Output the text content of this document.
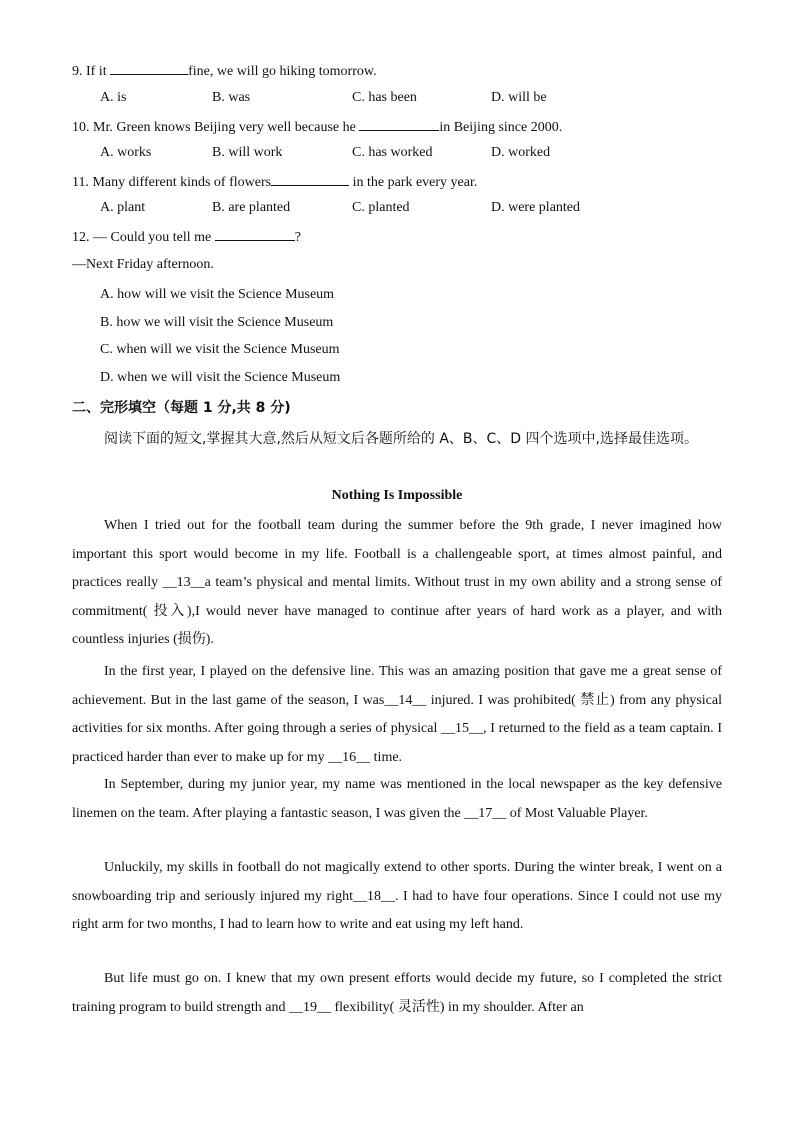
9. If it	fine, we will go hiking tomorrow.
A. is	B. was	C. has been	D. will be
10. Mr. Green knows Beijing very well because he	in Beijing since 2000.
A. works	B. will work	C. has worked	D. worked
11. Many different kinds of flowers	in the park every year.
A. plant	B. are planted	C. planted	D. were planted
12. — Could you tell me	?
—Next Friday afternoon.
A. how will we visit the Science Museum
B. how we will visit the Science Museum
C. when will we visit the Science Museum
D. when we will visit the Science Museum
二、完形填空（每题 1 分,共 8 分)
阅读下面的短文,掌握其大意,然后从短文后各题所给的 A、B、C、D 四个选项中,选择最佳选项。
Nothing Is Impossible
When I tried out for the football team during the summer before the 9th grade, I never imagined how important this sport would become in my life. Football is a challengeable sport, at times almost painful, and practices really __13__a team’s physical and mental limits. Without trust in my own ability and a strong sense of commitment( 投入),I would never have managed to continue after years of hard work as a player, and with countless injuries (损伤).
In the first year, I played on the defensive line. This was an amazing position that gave me a great sense of achievement. But in the last game of the season, I was__14__ injured. I was prohibited( 禁止) from any physical activities for six months. After going through a series of physical __15__, I returned to the field as a team captain. I practiced harder than ever to make up for my __16__ time.
In September, during my junior year, my name was mentioned in the local newspaper as the key defensive linemen on the team. After playing a fantastic season, I was given the __17__ of Most Valuable Player.
Unluckily, my skills in football do not magically extend to other sports. During the winter break, I went on a snowboarding trip and seriously injured my right__18__. I had to have four operations. Since I could not use my right arm for two months, I had to learn how to write and eat using my left hand.
But life must go on. I knew that my own present efforts would decide my future, so I completed the strict training program to build strength and __19__ flexibility( 灵活性) in my shoulder. After an
